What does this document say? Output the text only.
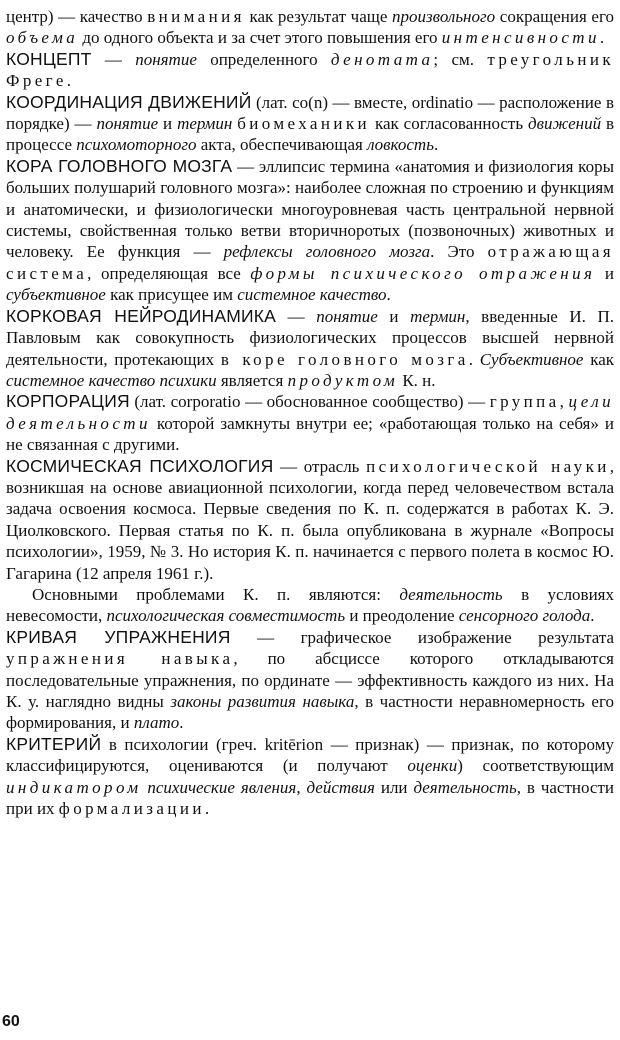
центр) — качество внимания как результат чаще произвольного сокращения его объема до одного объекта и за счет этого повышения его интенсивности.

КОНЦЕПТ — понятие определенного денотата; см. треугольник Фреге.

КООРДИНАЦИЯ ДВИЖЕНИЙ (лат. co(n) — вместе, ordinatio — расположение в порядке) — понятие и термин биомеханики как согласованность движений в процессе психомоторного акта, обеспечивающая ловкость.

КОРА ГОЛОВНОГО МОЗГА — эллипсис термина «анатомия и физиология коры больших полушарий головного мозга»: наиболее сложная по строению и функциям и анатомически, и физиологически многоуровневая часть центральной нервной системы, свойственная только ветви вторичноротых (позвоночных) животных и человеку. Ее функция — рефлексы головного мозга. Это отражающая система, определяющая все формы психического отражения и субъективное как присущее им системное качество.

КОРКОВАЯ НЕЙРОДИНАМИКА — понятие и термин, введенные И. П. Павловым как совокупность физиологических процессов высшей нервной деятельности, протекающих в коре головного мозга. Субъективное как системное качество психики является продуктом К. н.

КОРПОРАЦИЯ (лат. corporatio — обоснованное сообщество) — группа, цели деятельности которой замкнуты внутри ее; «работающая только на себя» и не связанная с другими.

КОСМИЧЕСКАЯ ПСИХОЛОГИЯ — отрасль психологической науки, возникшая на основе авиационной психологии, когда перед человечеством встала задача освоения космоса. Первые сведения по К. п. содержатся в работах К. Э. Циолковского. Первая статья по К. п. была опубликована в журнале «Вопросы психологии», 1959, № 3. Но история К. п. начинается с первого полета в космос Ю. Гагарина (12 апреля 1961 г.).

Основными проблемами К. п. являются: деятельность в условиях невесомости, психологическая совместимость и преодоление сенсорного голода.

КРИВАЯ УПРАЖНЕНИЯ — графическое изображение результата упражнения навыка, по абсциссе которого откладываются последовательные упражнения, по ординате — эффективность каждого из них. На К. у. наглядно видны законы развития навыка, в частности неравномерность его формирования, и плато.

КРИТЕРИЙ в психологии (греч. kritērion — признак) — признак, по которому классифицируются, оцениваются (и получают оценки) соответствующим индикатором психические явления, действия или деятельность, в частности при их формализации.

60
